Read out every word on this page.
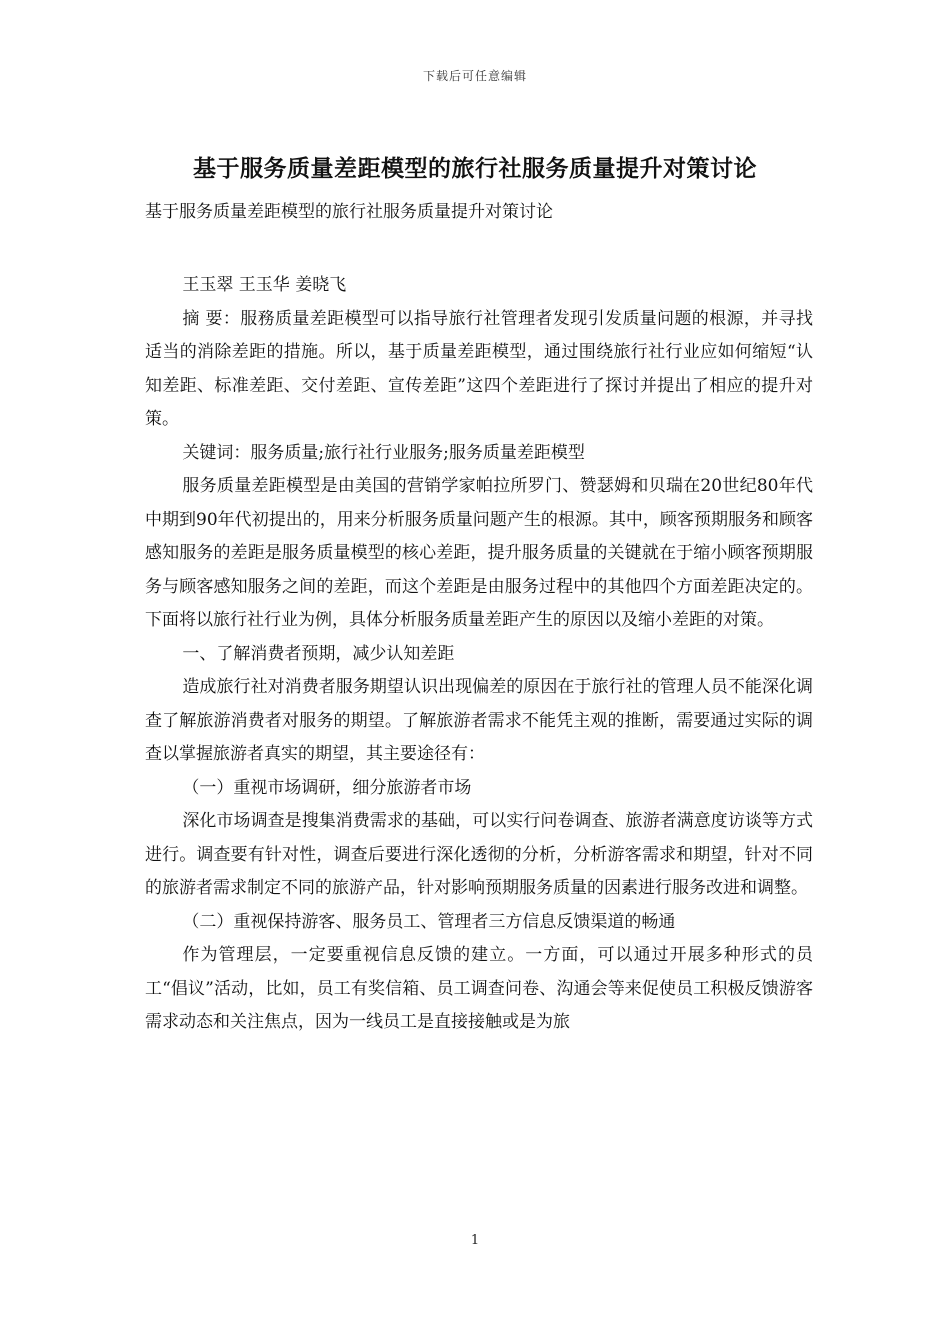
下载后可任意编辑
基于服务质量差距模型的旅行社服务质量提升对策讨论
基于服务质量差距模型的旅行社服务质量提升对策讨论

王玉翠 王玉华 姜晓飞

摘 要：服務质量差距模型可以指导旅行社管理者发现引发质量问题的根源，并寻找适当的消除差距的措施。所以，基于质量差距模型，通过围绕旅行社行业应如何缩短“认知差距、标准差距、交付差距、宣传差距”这四个差距进行了探讨并提出了相应的提升对策。

关键词：服务质量;旅行社行业服务;服务质量差距模型

服务质量差距模型是由美国的营销学家帕拉所罗门、赞瑟姆和贝瑞在20世纪80年代中期到90年代初提出的，用来分析服务质量问题产生的根源。其中，顾客预期服务和顾客感知服务的差距是服务质量模型的核心差距，提升服务质量的关键就在于缩小顾客预期服务与顾客感知服务之间的差距，而这个差距是由服务过程中的其他四个方面差距决定的。下面将以旅行社行业为例，具体分析服务质量差距产生的原因以及缩小差距的对策。

一、了解消费者预期，减少认知差距

造成旅行社对消费者服务期望认识出现偏差的原因在于旅行社的管理人员不能深化调查了解旅游消费者对服务的期望。了解旅游者需求不能凭主观的推断，需要通过实际的调查以掌握旅游者真实的期望，其主要途径有：

（一）重视市场调研，细分旅游者市场

深化市场调查是搜集消费需求的基础，可以实行问卷调查、旅游者满意度访谈等方式进行。调查要有针对性，调查后要进行深化透彻的分析，分析游客需求和期望，针对不同的旅游者需求制定不同的旅游产品，针对影响预期服务质量的因素进行服务改进和调整。

（二）重视保持游客、服务员工、管理者三方信息反馈渠道的畅通

作为管理层，一定要重视信息反馈的建立。一方面，可以通过开展多种形式的员工“倡议”活动，比如，员工有奖信箱、员工调查问卷、沟通会等来促使员工积极反馈游客需求动态和关注焦点，因为一线员工是直接接触或是为旅

1
